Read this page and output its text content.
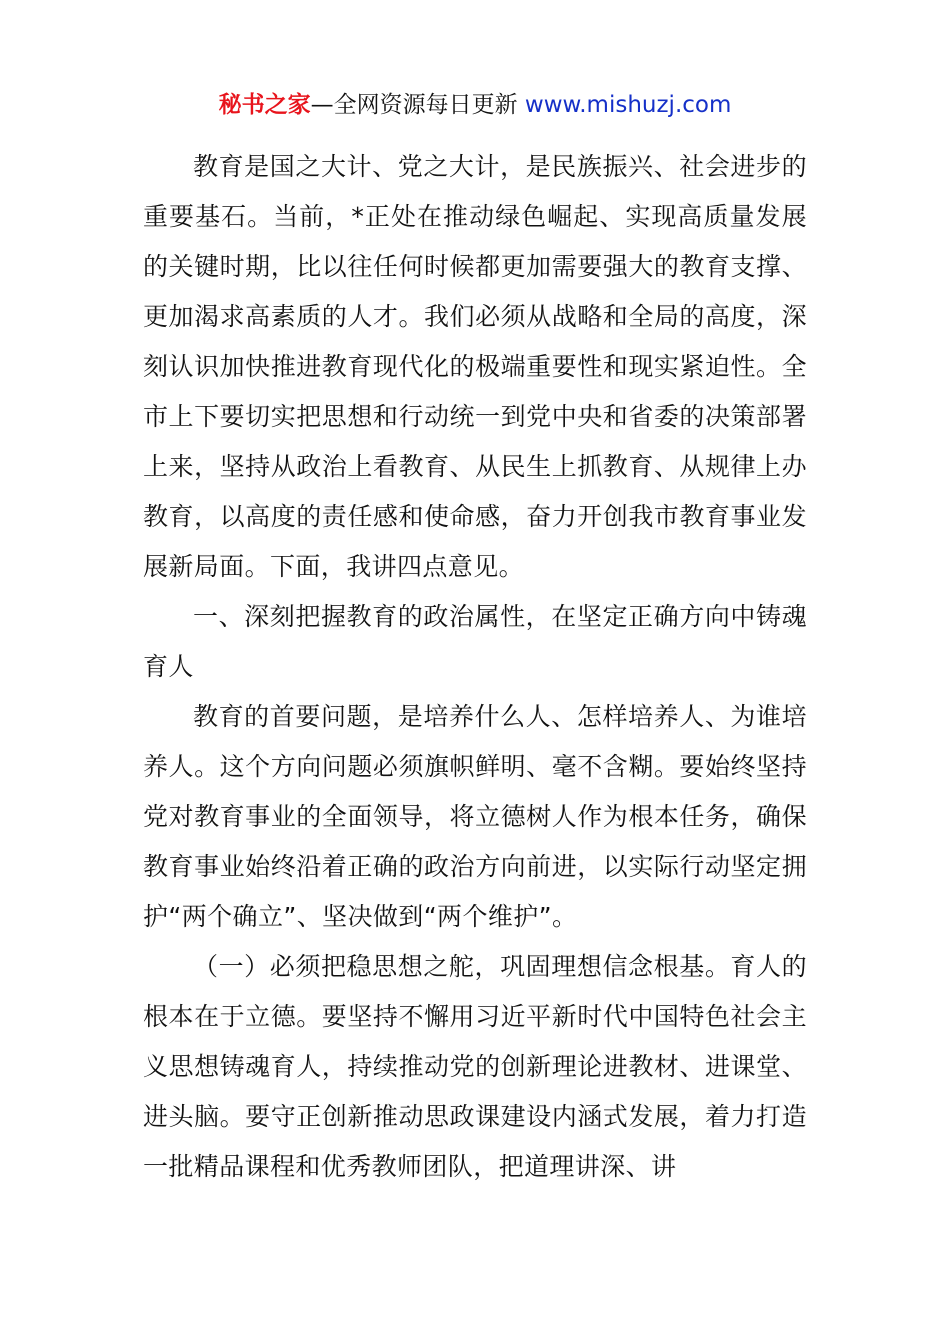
秘书之家—全网资源每日更新 www.mishuzj.com

教育是国之大计、党之大计，是民族振兴、社会进步的重要基石。当前，*正处在推动绿色崛起、实现高质量发展的关键时期，比以往任何时候都更加需要强大的教育支撑、更加渴求高素质的人才。我们必须从战略和全局的高度，深刻认识加快推进教育现代化的极端重要性和现实紧迫性。全市上下要切实把思想和行动统一到党中央和省委的决策部署上来，坚持从政治上看教育、从民生上抓教育、从规律上办教育，以高度的责任感和使命感，奋力开创我市教育事业发展新局面。下面，我讲四点意见。

一、深刻把握教育的政治属性，在坚定正确方向中铸魂育人

教育的首要问题，是培养什么人、怎样培养人、为谁培养人。这个方向问题必须旗帜鲜明、毫不含糊。要始终坚持党对教育事业的全面领导，将立德树人作为根本任务，确保教育事业始终沿着正确的政治方向前进，以实际行动坚定拥护“两个确立”、坚决做到“两个维护”。

（一）必须把稳思想之舵，巩固理想信念根基。育人的根本在于立德。要坚持不懈用习近平新时代中国特色社会主义思想铸魂育人，持续推动党的创新理论进教材、进课堂、进头脑。要守正创新推动思政课建设内涵式发展，着力打造一批精品课程和优秀教师团队，把道理讲深、讲
